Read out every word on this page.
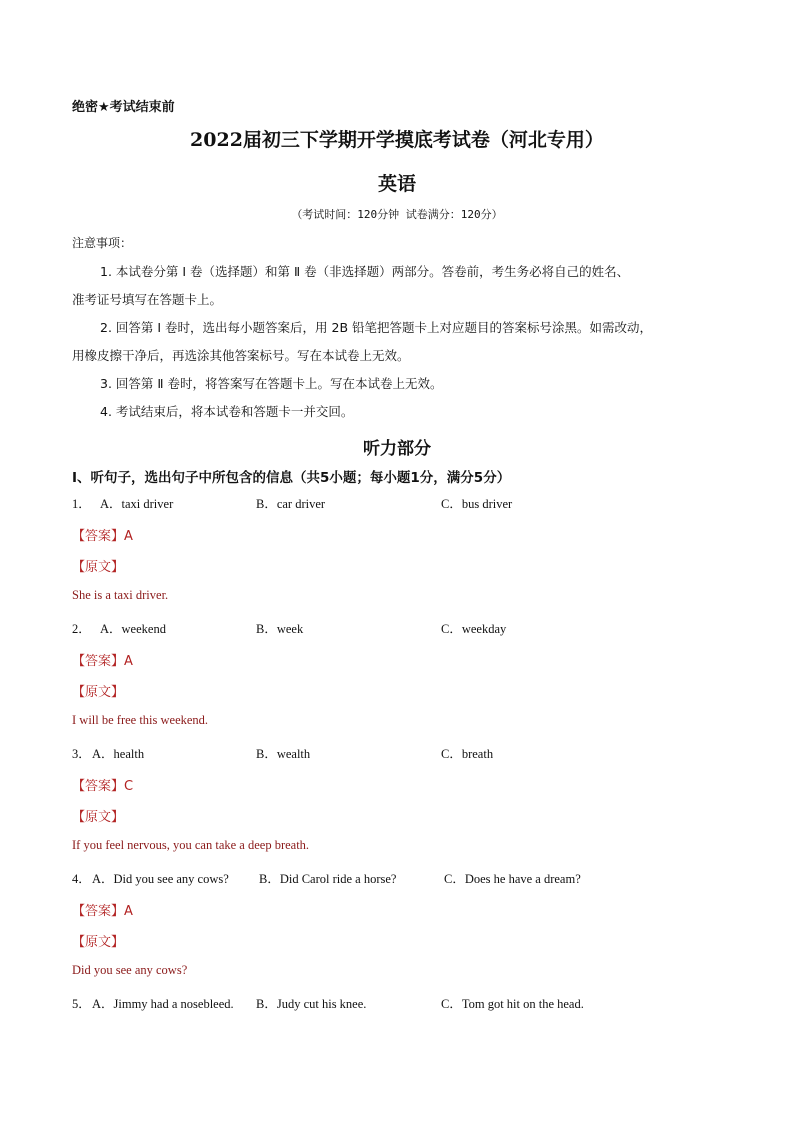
绝密★考试结束前
2022届初三下学期开学摸底考试卷（河北专用）
英语
（考试时间：120分钟 试卷满分：120分）
注意事项：
1. 本试卷分第 Ⅰ 卷（选择题）和第 Ⅱ 卷（非选择题）两部分。答卷前，考生务必将自己的姓名、
准考证号填写在答题卡上。
2. 回答第 Ⅰ 卷时，选出每小题答案后，用 2B 铅笔把答题卡上对应题目的答案标号涂黑。如需改动，
用橡皮擦干净后，再选涂其他答案标号。写在本试卷上无效。
3. 回答第 Ⅱ 卷时，将答案写在答题卡上。写在本试卷上无效。
4. 考试结束后，将本试卷和答题卡一并交回。
听力部分
I、听句子，选出句子中所包含的信息（共5小题；每小题1分，满分5分）
1． A．taxi driver	B．car driver	C．bus driver
【答案】A
【原文】
She is a taxi driver.
2． A．weekend	B．week	C．weekday
【答案】A
【原文】
I will be free this weekend.
3． A．health	B．wealth	C．breath
【答案】C
【原文】
If you feel nervous, you can take a deep breath.
4． A．Did you see any cows? B．Did Carol ride a horse?	C．Does he have a dream?
【答案】A
【原文】
Did you see any cows?
5． A．Jimmy had a nosebleed. B．Judy cut his knee.	C．Tom got hit on the head.
